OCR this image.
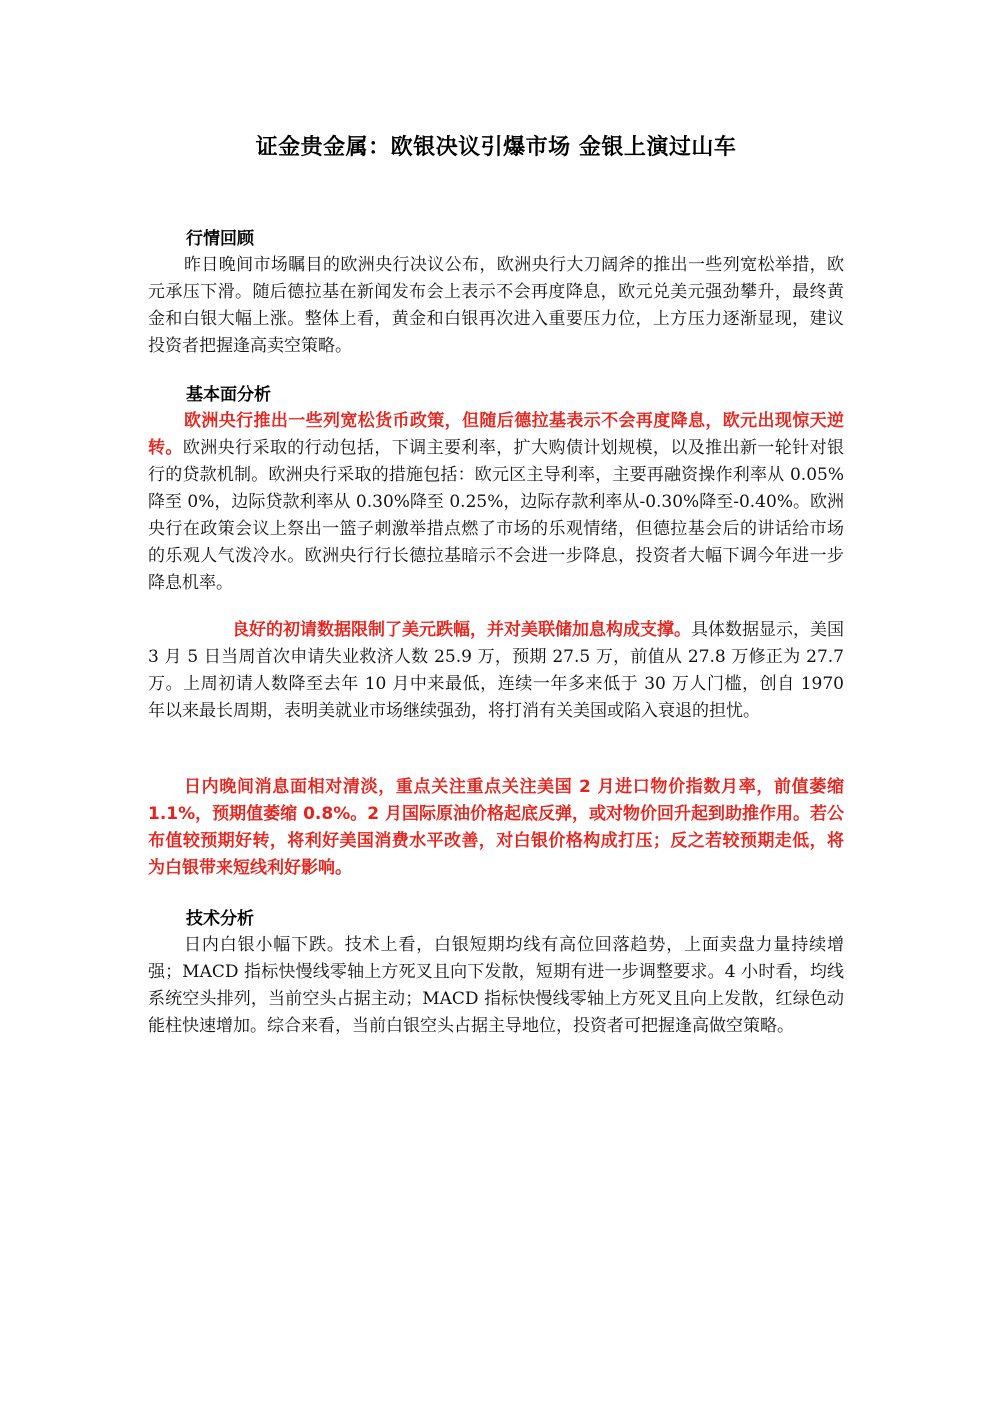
证金贵金属：欧银决议引爆市场 金银上演过山车
行情回顾

昨日晚间市场瞩目的欧洲央行决议公布，欧洲央行大刀阔斧的推出一些列宽松举措，欧元承压下滑。随后德拉基在新闻发布会上表示不会再度降息，欧元兑美元强劲攀升，最终黄金和白银大幅上涨。整体上看，黄金和白银再次进入重要压力位，上方压力逐渐显现，建议投资者把握逢高卖空策略。

基本面分析

欧洲央行推出一些列宽松货币政策，但随后德拉基表示不会再度降息，欧元出现惊天逆转。欧洲央行采取的行动包括，下调主要利率，扩大购债计划规模，以及推出新一轮针对银行的贷款机制。欧洲央行采取的措施包括：欧元区主导利率，主要再融资操作利率从 0.05%降至 0%，边际贷款利率从 0.30%降至 0.25%，边际存款利率从-0.30%降至-0.40%。欧洲央行在政策会议上祭出一篮子刺激举措点燃了市场的乐观情绪，但德拉基会后的讲话给市场的乐观人气泼冷水。欧洲央行行长德拉基暗示不会进一步降息，投资者大幅下调今年进一步降息机率。

良好的初请数据限制了美元跌幅，并对美联储加息构成支撑。具体数据显示，美国 3 月 5 日当周首次申请失业救济人数 25.9 万，预期 27.5 万，前值从 27.8 万修正为 27.7 万。上周初请人数降至去年 10 月中来最低，连续一年多来低于 30 万人门槛，创自 1970 年以来最长周期，表明美就业市场继续强劲，将打消有关美国或陷入衰退的担忧。

日内晚间消息面相对清淡，重点关注重点关注美国 2 月进口物价指数月率，前值萎缩 1.1%，预期值萎缩 0.8%。2 月国际原油价格起底反弹，或对物价回升起到助推作用。若公布值较预期好转，将利好美国消费水平改善，对白银价格构成打压；反之若较预期走低，将为白银带来短线利好影响。

技术分析

日内白银小幅下跌。技术上看，白银短期均线有高位回落趋势，上面卖盘力量持续增强；MACD 指标快慢线零轴上方死叉且向下发散，短期有进一步调整要求。4 小时看，均线系统空头排列，当前空头占据主动；MACD 指标快慢线零轴上方死叉且向上发散，红绿色动能柱快速增加。综合来看，当前白银空头占据主导地位，投资者可把握逢高做空策略。
